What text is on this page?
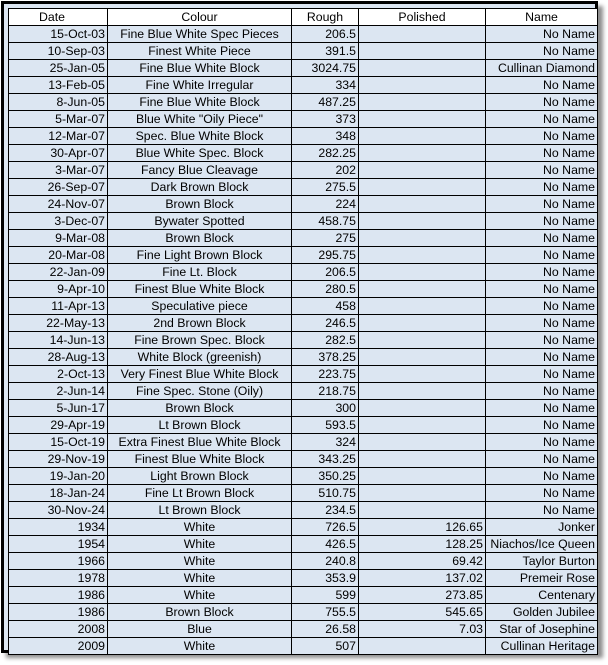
Date	Colour	Rough	Polished	Name
15-Oct-03	Fine Blue White Spec Pieces	206.5		No Name
10-Sep-03	Finest White Piece	391.5		No Name
25-Jan-05	Fine Blue White Block	3024.75		Cullinan Diamond
13-Feb-05	Fine White Irregular	334		No Name
8-Jun-05	Fine Blue White Block	487.25		No Name
5-Mar-07	Blue White "Oily Piece"	373		No Name
12-Mar-07	Spec. Blue White Block	348		No Name
30-Apr-07	Blue White Spec. Block	282.25		No Name
3-Mar-07	Fancy Blue Cleavage	202		No Name
26-Sep-07	Dark Brown Block	275.5		No Name
24-Nov-07	Brown Block	224		No Name
3-Dec-07	Bywater Spotted	458.75		No Name
9-Mar-08	Brown Block	275		No Name
20-Mar-08	Fine Light Brown Block	295.75		No Name
22-Jan-09	Fine Lt. Block	206.5		No Name
9-Apr-10	Finest Blue White Block	280.5		No Name
11-Apr-13	Speculative piece	458		No Name
22-May-13	2nd Brown Block	246.5		No Name
14-Jun-13	Fine Brown Spec. Block	282.5		No Name
28-Aug-13	White Block (greenish)	378.25		No Name
2-Oct-13	Very Finest Blue White Block	223.75		No Name
2-Jun-14	Fine Spec. Stone (Oily)	218.75		No Name
5-Jun-17	Brown Block	300		No Name
29-Apr-19	Lt Brown Block	593.5		No Name
15-Oct-19	Extra Finest Blue White Block	324		No Name
29-Nov-19	Finest Blue White Block	343.25		No Name
19-Jan-20	Light Brown Block	350.25		No Name
18-Jan-24	Fine Lt Brown Block	510.75		No Name
30-Nov-24	Lt Brown Block	234.5		No Name
1934	White	726.5	126.65	Jonker
1954	White	426.5	128.25	Niachos/Ice Queen
1966	White	240.8	69.42	Taylor Burton
1978	White	353.9	137.02	Premeir Rose
1986	White	599	273.85	Centenary
1986	Brown Block	755.5	545.65	Golden Jubilee
2008	Blue	26.58	7.03	Star of Josephine
2009	White	507		Cullinan Heritage
